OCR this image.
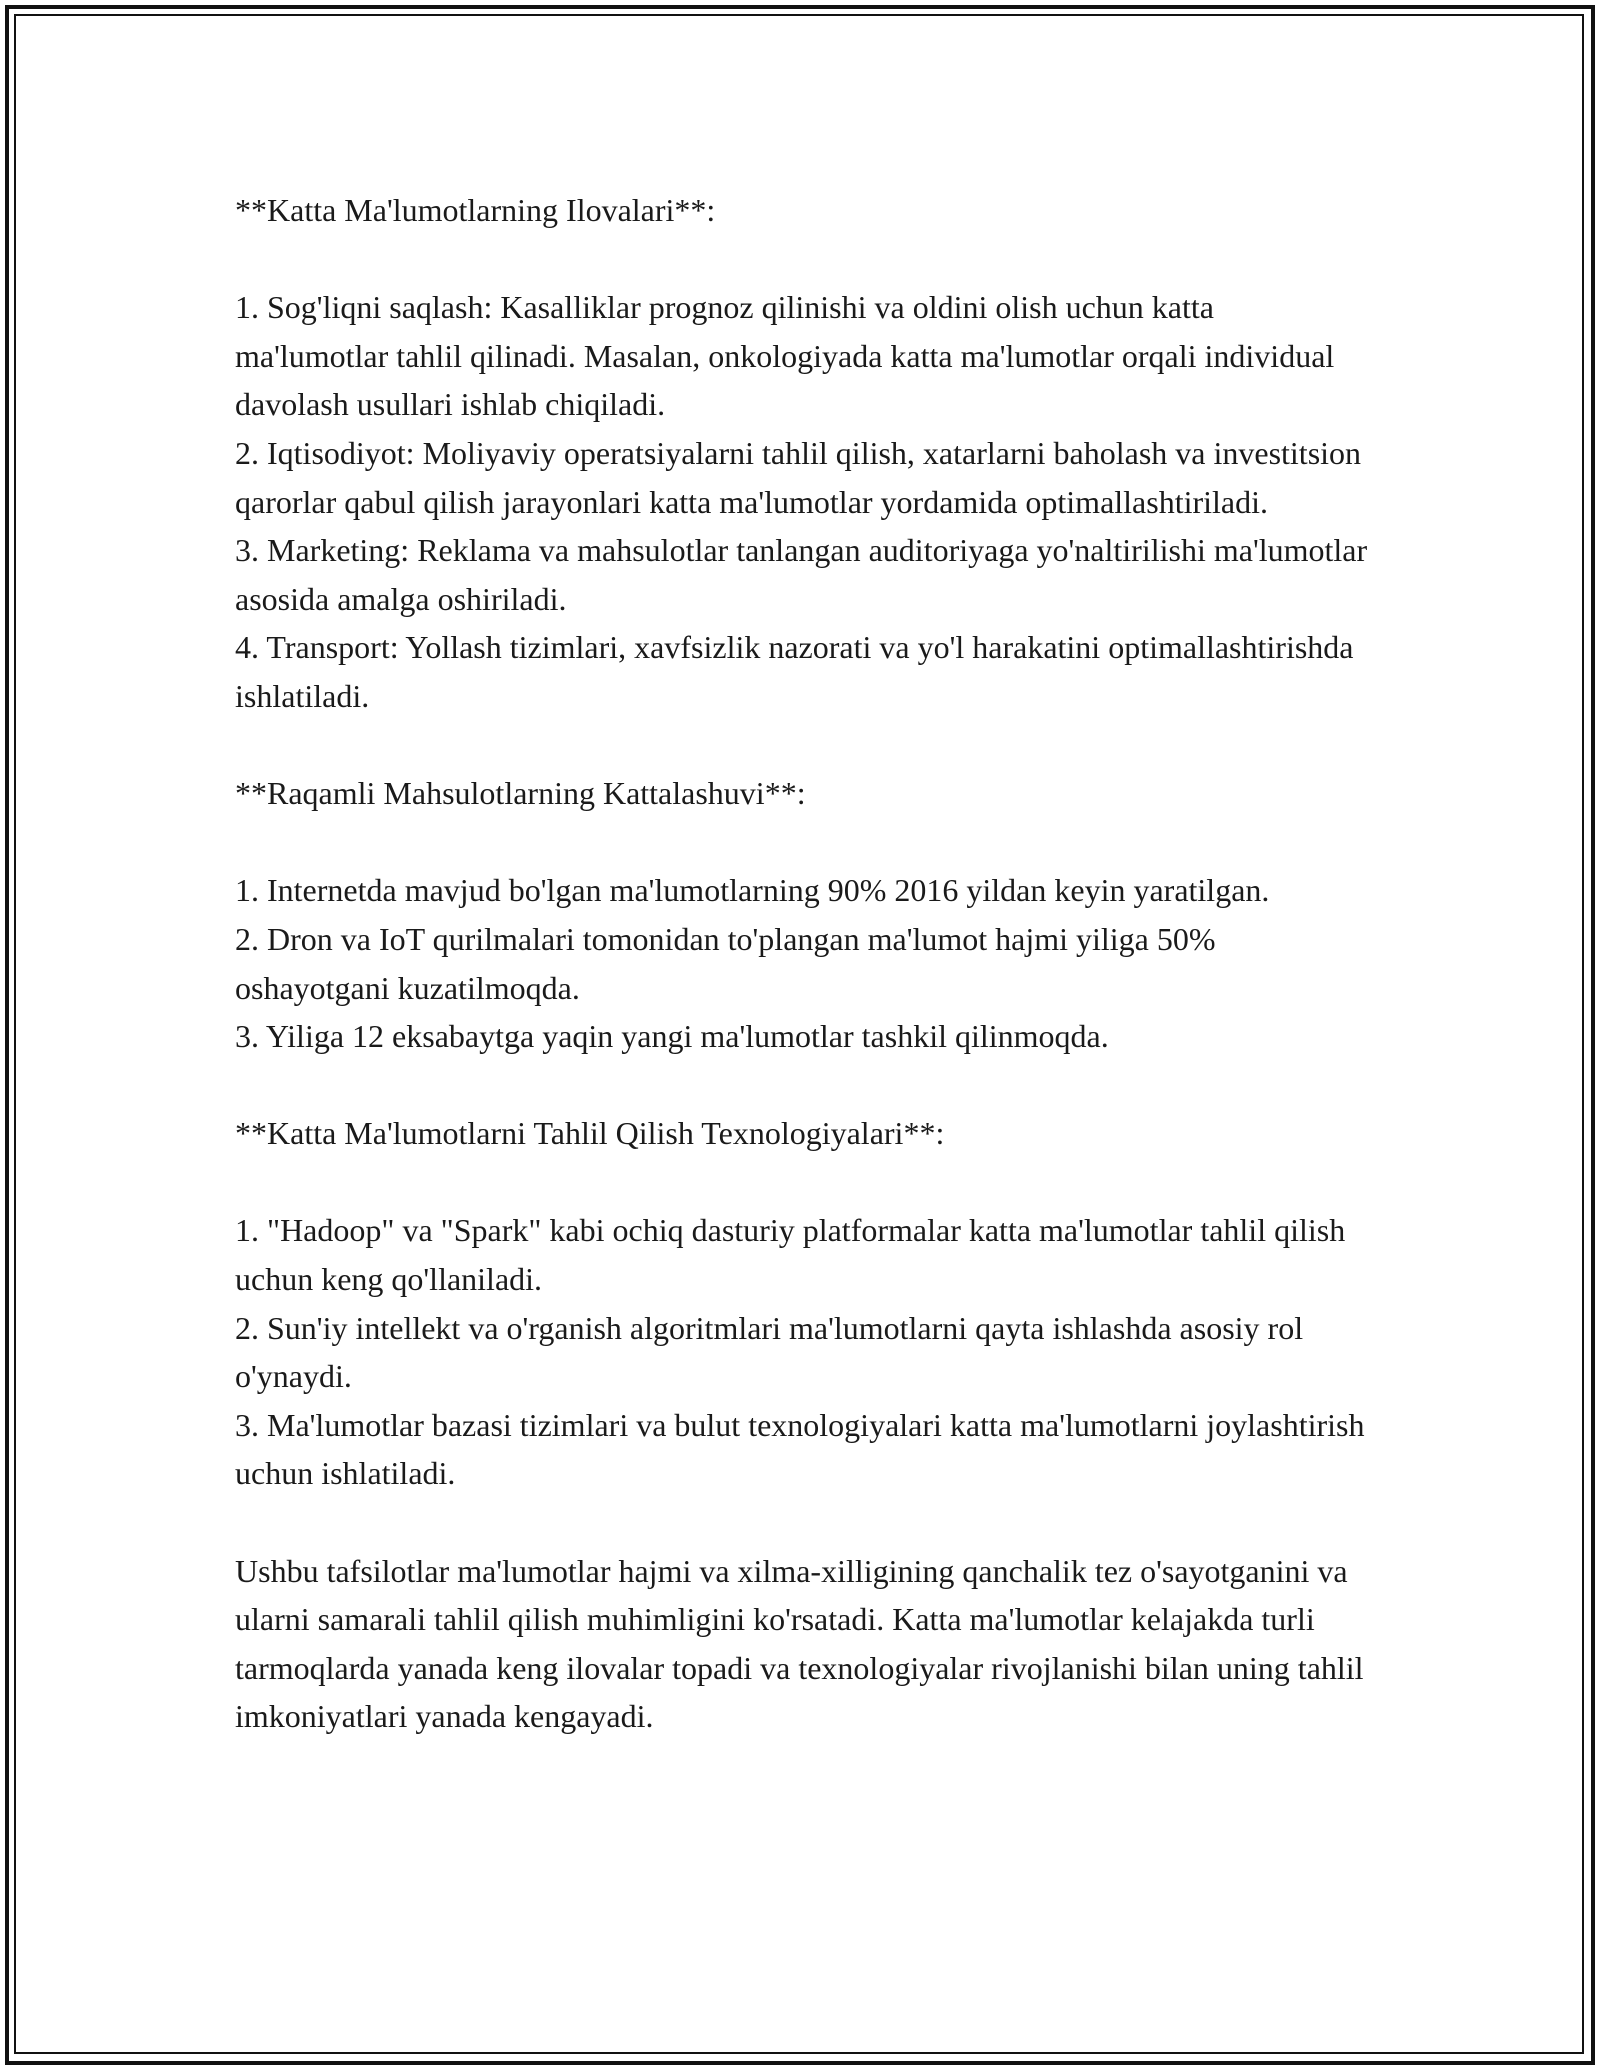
**Katta Ma'lumotlarning Ilovalari**:

1. Sog'liqni saqlash: Kasalliklar prognoz qilinishi va oldini olish uchun katta ma'lumotlar tahlil qilinadi. Masalan, onkologiyada katta ma'lumotlar orqali individual davolash usullari ishlab chiqiladi.

2. Iqtisodiyot: Moliyaviy operatsiyalarni tahlil qilish, xatarlarni baholash va investitsion qarorlar qabul qilish jarayonlari katta ma'lumotlar yordamida optimallashtiriladi.

3. Marketing: Reklama va mahsulotlar tanlangan auditoriyaga yo'naltirilishi ma'lumotlar asosida amalga oshiriladi.

4. Transport: Yollash tizimlari, xavfsizlik nazorati va yo'l harakatini optimallashtirishda ishlatiladi.

**Raqamli Mahsulotlarning Kattalashuvi**:

1. Internetda mavjud bo'lgan ma'lumotlarning 90% 2016 yildan keyin yaratilgan.

2. Dron va IoT qurilmalari tomonidan to'plangan ma'lumot hajmi yiliga 50% oshayotgani kuzatilmoqda.

3. Yiliga 12 eksabaytga yaqin yangi ma'lumotlar tashkil qilinmoqda.

**Katta Ma'lumotlarni Tahlil Qilish Texnologiyalari**:

1. "Hadoop" va "Spark" kabi ochiq dasturiy platformalar katta ma'lumotlar tahlil qilish uchun keng qo'llaniladi.

2. Sun'iy intellekt va o'rganish algoritmlari ma'lumotlarni qayta ishlashda asosiy rol o'ynaydi.

3. Ma'lumotlar bazasi tizimlari va bulut texnologiyalari katta ma'lumotlarni joylashtirish uchun ishlatiladi.

Ushbu tafsilotlar ma'lumotlar hajmi va xilma-xilligining qanchalik tez o'sayotganini va ularni samarali tahlil qilish muhimligini ko'rsatadi. Katta ma'lumotlar kelajakda turli tarmoqlarda yanada keng ilovalar topadi va texnologiyalar rivojlanishi bilan uning tahlil imkoniyatlari yanada kengayadi.
